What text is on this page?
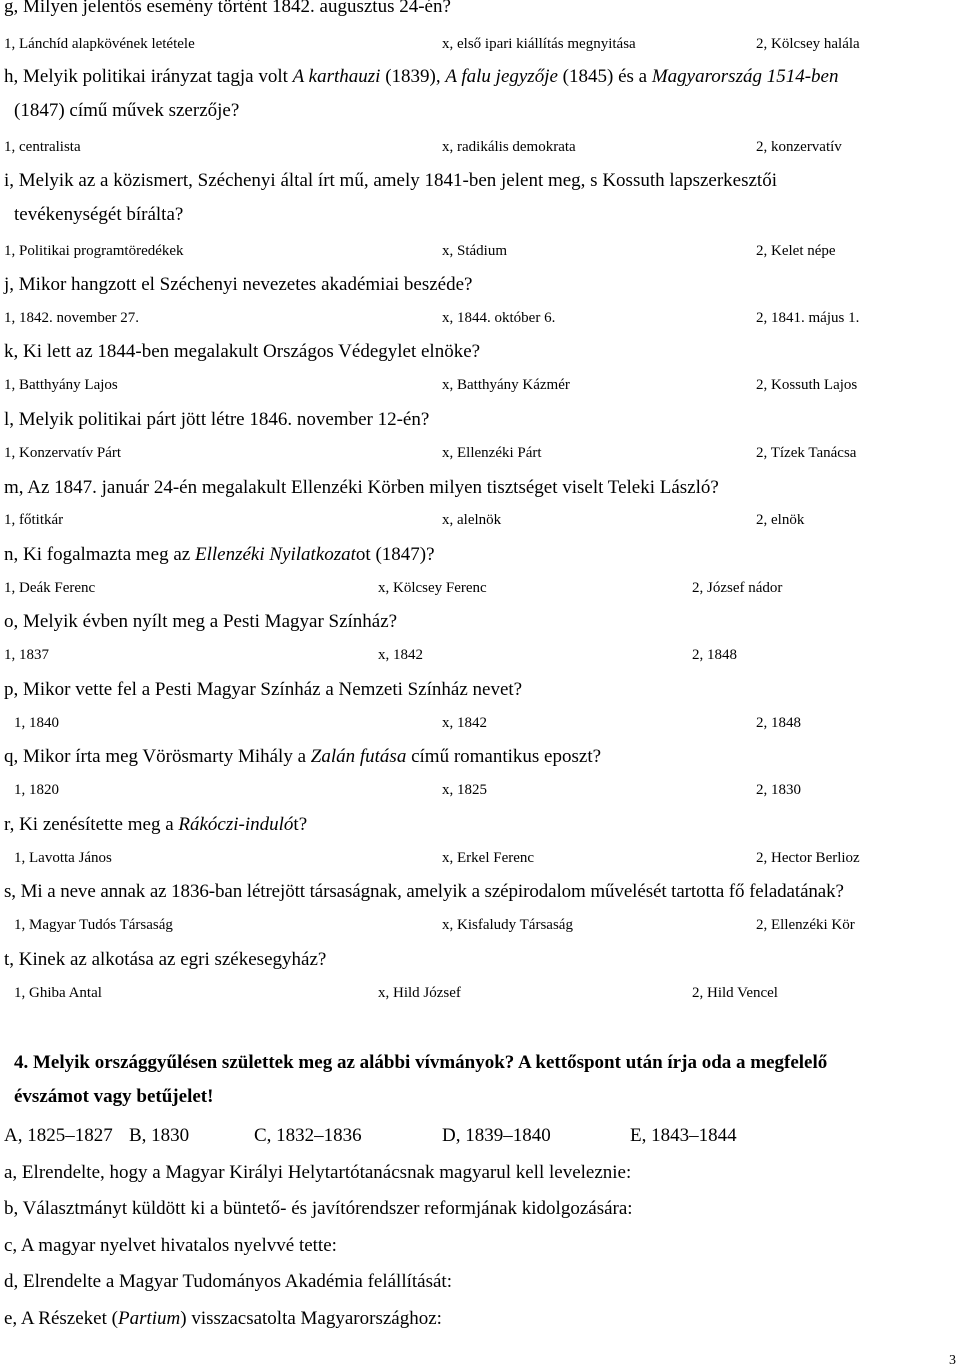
g, Milyen jelentős esemény történt 1842. augusztus 24-én?
1, Lánchíd alapkövének letétele	x, első ipari kiállítás megnyitása	2, Kölcsey halála
h, Melyik politikai irányzat tagja volt A karthauzi (1839), A falu jegyzője (1845) és a Magyarország 1514-ben
(1847) című művek szerzője?
1, centralista	x, radikális demokrata	2, konzervatív
i, Melyik az a közismert, Széchenyi által írt mű, amely 1841-ben jelent meg, s Kossuth lapszerkesztői
tevékenységét bírálta?
1, Politikai programtöredékek	x, Stádium	2, Kelet népe
j, Mikor hangzott el Széchenyi nevezetes akadémiai beszéde?
1, 1842. november 27.	x, 1844. október 6.	2, 1841. május 1.
k, Ki lett az 1844-ben megalakult Országos Védegylet elnöke?
1, Batthyány Lajos	x, Batthyány Kázmér	2, Kossuth Lajos
l, Melyik politikai párt jött létre 1846. november 12-én?
1, Konzervatív Párt	x, Ellenzéki Párt	2, Tízek Tanácsa
m, Az 1847. január 24-én megalakult Ellenzéki Körben milyen tisztséget viselt Teleki László?
1, főtitkár	x, alelnök	2, elnök
n, Ki fogalmazta meg az Ellenzéki Nyilatkozatot (1847)?
1, Deák Ferenc	x, Kölcsey Ferenc	2, József nádor
o, Melyik évben nyílt meg a Pesti Magyar Színház?
1, 1837	x, 1842	2, 1848
p, Mikor vette fel a Pesti Magyar Színház a Nemzeti Színház nevet?
1, 1840	x, 1842	2, 1848
q, Mikor írta meg Vörösmarty Mihály a Zalán futása című romantikus eposzt?
1, 1820	x, 1825	2, 1830
r, Ki zenésítette meg a Rákóczi-indulót?
1, Lavotta János	x, Erkel Ferenc	2, Hector Berlioz
s, Mi a neve annak az 1836-ban létrejött társaságnak, amelyik a szépirodalom művelését tartotta fő feladatának?
1, Magyar Tudós Társaság	x, Kisfaludy Társaság	2, Ellenzéki Kör
t, Kinek az alkotása az egri székesegyház?
1, Ghiba Antal	x, Hild József	2, Hild Vencel
4. Melyik országgyűlésen születtek meg az alábbi vívmányok? A kettőspont után írja oda a megfelelő
évszámot vagy betűjelet!
A, 1825–1827 B, 1830	C, 1832–1836	D, 1839–1840	E, 1843–1844
a, Elrendelte, hogy a Magyar Királyi Helytartótanácsnak magyarul kell leveleznie:
b, Választmányt küldött ki a büntető- és javítórendszer reformjának kidolgozására:
c, A magyar nyelvet hivatalos nyelvvé tette:
d, Elrendelte a Magyar Tudományos Akadémia felállítását:
e, A Részeket (Partium) visszacsatolta Magyarországhoz:
3
